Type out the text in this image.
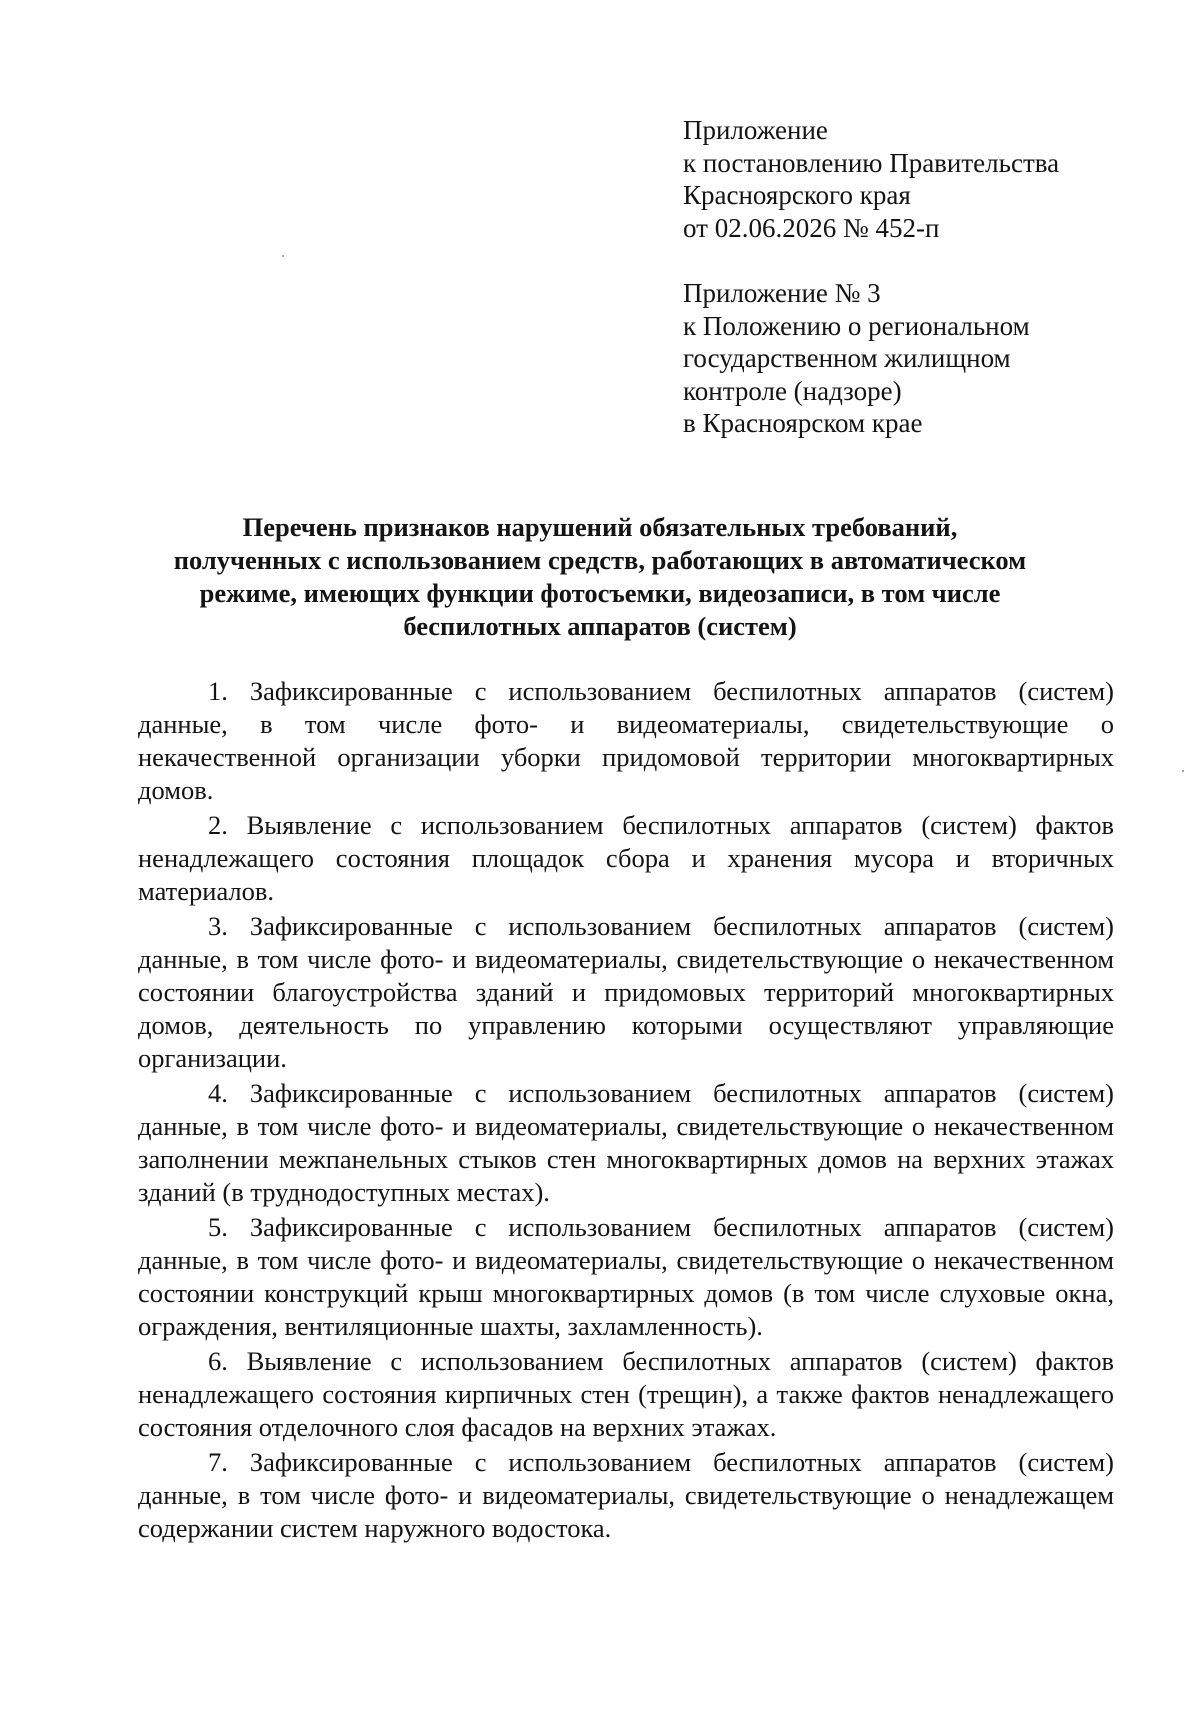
Приложение
к постановлению Правительства
Красноярского края
от 02.06.2026 № 452-п
Приложение № 3
к Положению о региональном
государственном жилищном
контроле (надзоре)
в Красноярском крае
Перечень признаков нарушений обязательных требований,
полученных с использованием средств, работающих в автоматическом
режиме, имеющих функции фотосъемки, видеозаписи, в том числе
беспилотных аппаратов (систем)

1. Зафиксированные с использованием беспилотных аппаратов (систем) данные, в том числе фото- и видеоматериалы, свидетельствующие о некачественной организации уборки придомовой территории многоквартирных домов.

2. Выявление с использованием беспилотных аппаратов (систем) фактов ненадлежащего состояния площадок сбора и хранения мусора и вторичных материалов.

3. Зафиксированные с использованием беспилотных аппаратов (систем) данные, в том числе фото- и видеоматериалы, свидетельствующие о некачественном состоянии благоустройства зданий и придомовых территорий многоквартирных домов, деятельность по управлению которыми осуществляют управляющие организации.

4. Зафиксированные с использованием беспилотных аппаратов (систем) данные, в том числе фото- и видеоматериалы, свидетельствующие о некачественном заполнении межпанельных стыков стен многоквартирных домов на верхних этажах зданий (в труднодоступных местах).

5. Зафиксированные с использованием беспилотных аппаратов (систем) данные, в том числе фото- и видеоматериалы, свидетельствующие о некачественном состоянии конструкций крыш многоквартирных домов (в том числе слуховые окна, ограждения, вентиляционные шахты, захламленность).

6. Выявление с использованием беспилотных аппаратов (систем) фактов ненадлежащего состояния кирпичных стен (трещин), а также фактов ненадлежащего состояния отделочного слоя фасадов на верхних этажах.

7. Зафиксированные с использованием беспилотных аппаратов (систем) данные, в том числе фото- и видеоматериалы, свидетельствующие о ненадлежащем содержании систем наружного водостока.
